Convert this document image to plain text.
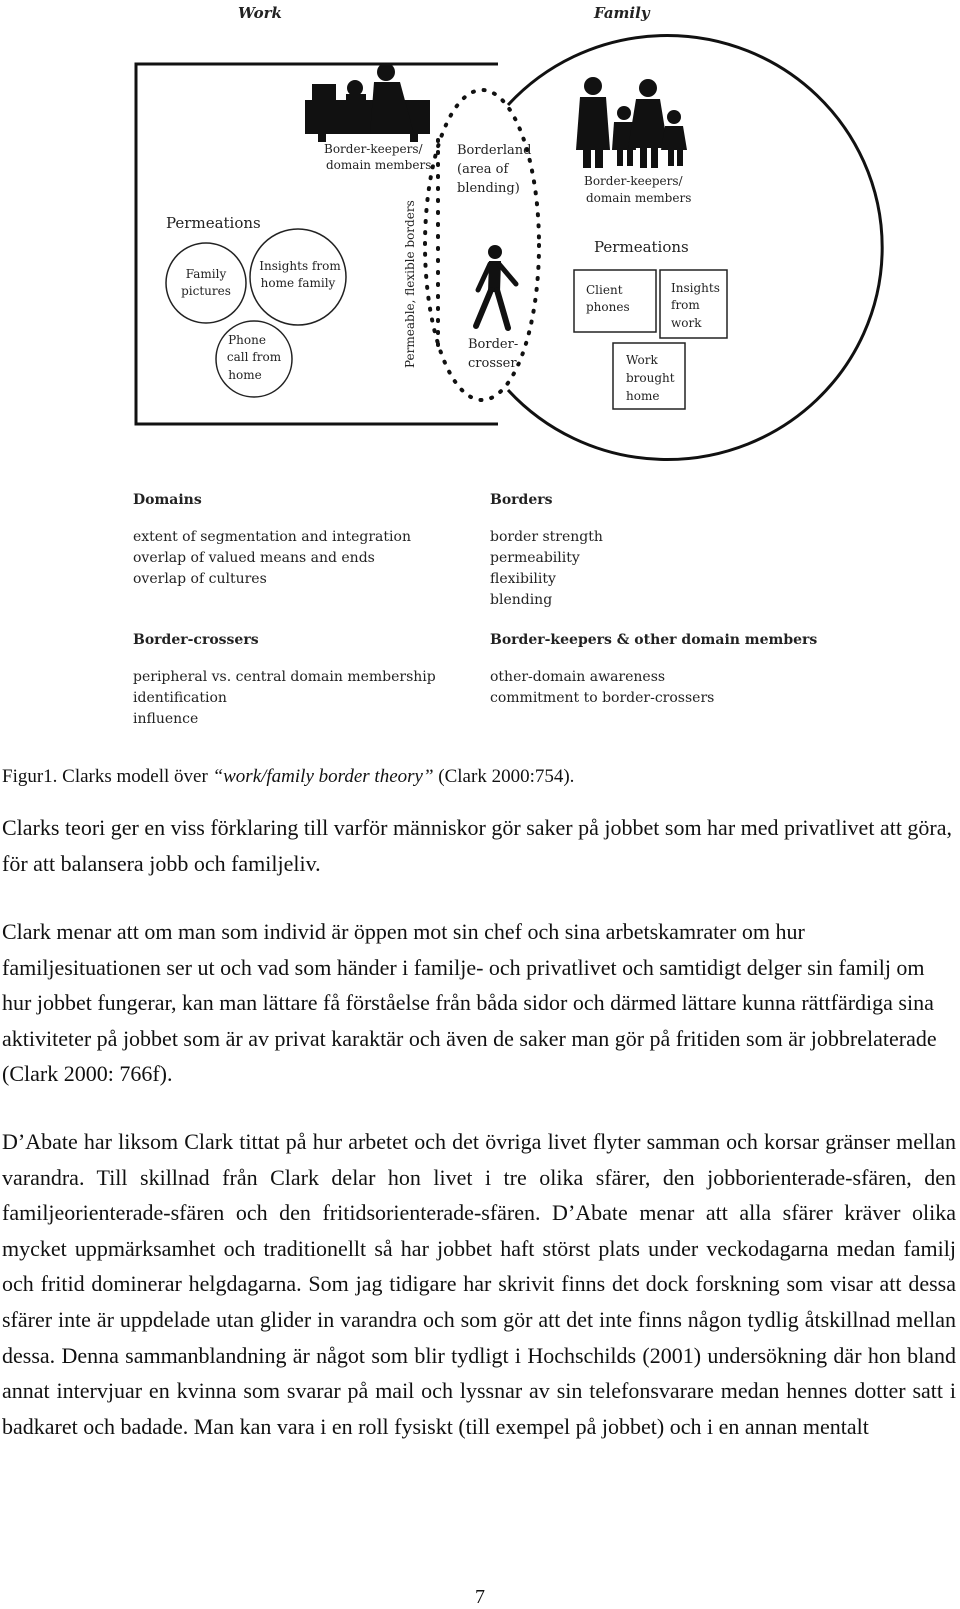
Work	Family
Border-keepers/
domain members
Permeations
Family
pictures
Insights from
home family
Phone
call from
home
Permeable, flexible borders
Borderland
(area of
blending)
Border-
crosser
Border-keepers/
domain members
Permeations
Client
phones
Insights
from
work
Work
brought
home
Domains
extent of segmentation and integration
overlap of valued means and ends
overlap of cultures
Borders
border strength
permeability
flexibility
blending
Border-crossers
peripheral vs. central domain membership
identification
influence
Border-keepers & other domain members
other-domain awareness
commitment to border-crossers
Figur1. Clarks modell över “work/family border theory” (Clark 2000:754).

Clarks teori ger en viss förklaring till varför människor gör saker på jobbet som har med privatlivet att göra, för att balansera jobb och familjeliv.

Clark menar att om man som individ är öppen mot sin chef och sina arbetskamrater om hur familjesituationen ser ut och vad som händer i familje- och privatlivet och samtidigt delger sin familj om hur jobbet fungerar, kan man lättare få förståelse från båda sidor och därmed lättare kunna rättfärdiga sina aktiviteter på jobbet som är av privat karaktär och även de saker man gör på fritiden som är jobbrelaterade (Clark 2000: 766f).

D’Abate har liksom Clark tittat på hur arbetet och det övriga livet flyter samman och korsar gränser mellan varandra. Till skillnad från Clark delar hon livet i tre olika sfärer, den jobborienterade-sfären, den familjeorienterade-sfären och den fritidsorienterade-sfären. D’Abate menar att alla sfärer kräver olika mycket uppmärksamhet och traditionellt så har jobbet haft störst plats under veckodagarna medan familj och fritid dominerar helgdagarna. Som jag tidigare har skrivit finns det dock forskning som visar att dessa sfärer inte är uppdelade utan glider in varandra och som gör att det inte finns någon tydlig åtskillnad mellan dessa. Denna sammanblandning är något som blir tydligt i Hochschilds (2001) undersökning där hon bland annat intervjuar en kvinna som svarar på mail och lyssnar av sin telefonsvarare medan hennes dotter satt i badkaret och badade. Man kan vara i en roll fysiskt (till exempel på jobbet) och i en annan mentalt

7
